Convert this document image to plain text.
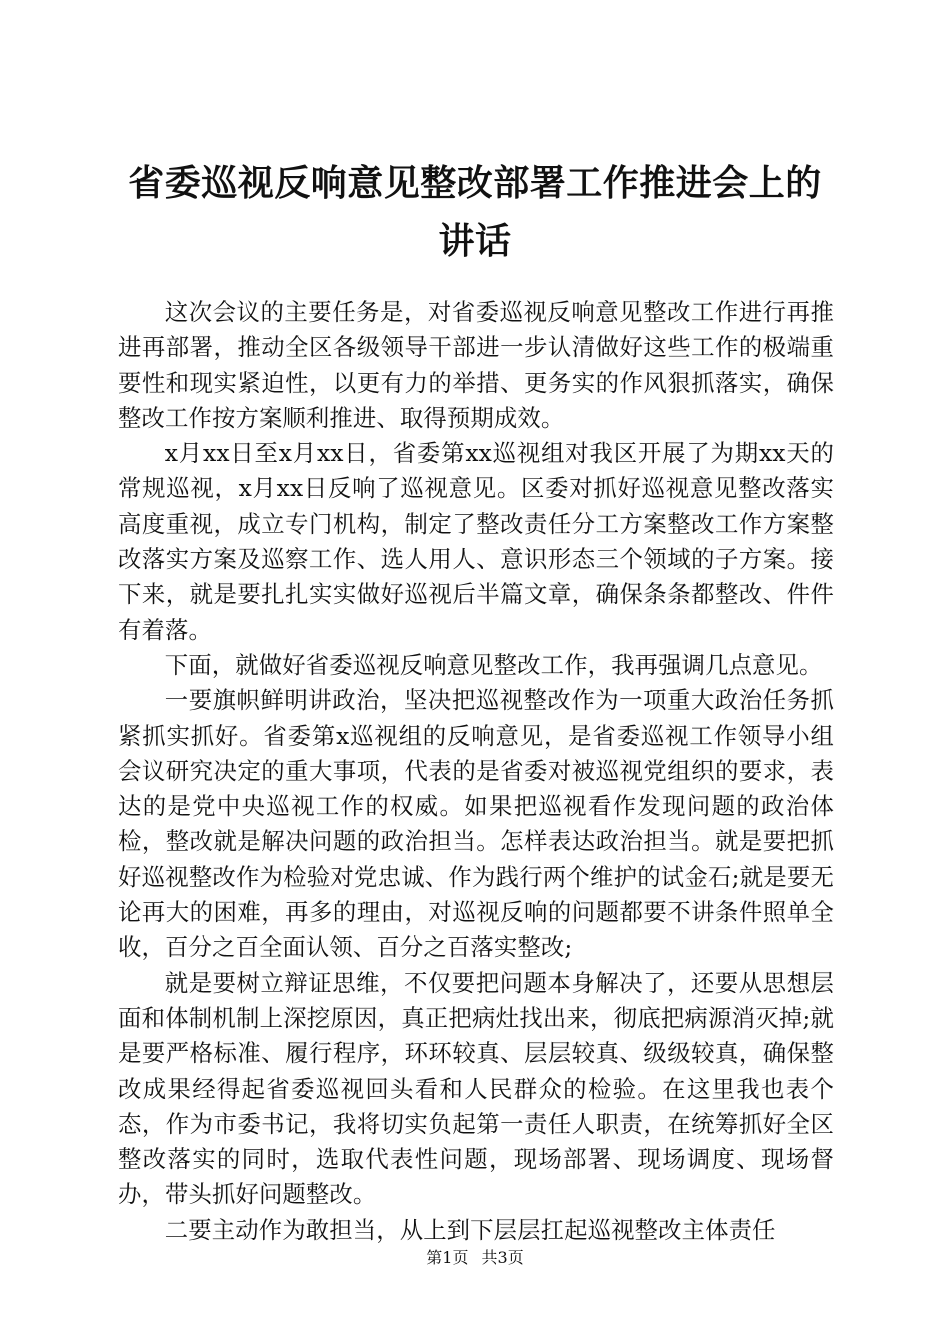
省委巡视反响意见整改部署工作推进会上的讲话

这次会议的主要任务是，对省委巡视反响意见整改工作进行再推进再部署，推动全区各级领导干部进一步认清做好这些工作的极端重要性和现实紧迫性，以更有力的举措、更务实的作风狠抓落实，确保整改工作按方案顺利推进、取得预期成效。

x月xx日至x月xx日，省委第xx巡视组对我区开展了为期xx天的常规巡视，x月xx日反响了巡视意见。区委对抓好巡视意见整改落实高度重视，成立专门机构，制定了整改责任分工方案整改工作方案整改落实方案及巡察工作、选人用人、意识形态三个领域的子方案。接下来，就是要扎扎实实做好巡视后半篇文章，确保条条都整改、件件有着落。

下面，就做好省委巡视反响意见整改工作，我再强调几点意见。

一要旗帜鲜明讲政治，坚决把巡视整改作为一项重大政治任务抓紧抓实抓好。省委第x巡视组的反响意见，是省委巡视工作领导小组会议研究决定的重大事项，代表的是省委对被巡视党组织的要求，表达的是党中央巡视工作的权威。如果把巡视看作发现问题的政治体检，整改就是解决问题的政治担当。怎样表达政治担当。就是要把抓好巡视整改作为检验对党忠诚、作为践行两个维护的试金石;就是要无论再大的困难，再多的理由，对巡视反响的问题都要不讲条件照单全收，百分之百全面认领、百分之百落实整改;

就是要树立辩证思维，不仅要把问题本身解决了，还要从思想层面和体制机制上深挖原因，真正把病灶找出来，彻底把病源消灭掉;就是要严格标准、履行程序，环环较真、层层较真、级级较真，确保整改成果经得起省委巡视回头看和人民群众的检验。在这里我也表个态，作为市委书记，我将切实负起第一责任人职责，在统筹抓好全区整改落实的同时，选取代表性问题，现场部署、现场调度、现场督办，带头抓好问题整改。

二要主动作为敢担当，从上到下层层扛起巡视整改主体责任

第1页 共3页
